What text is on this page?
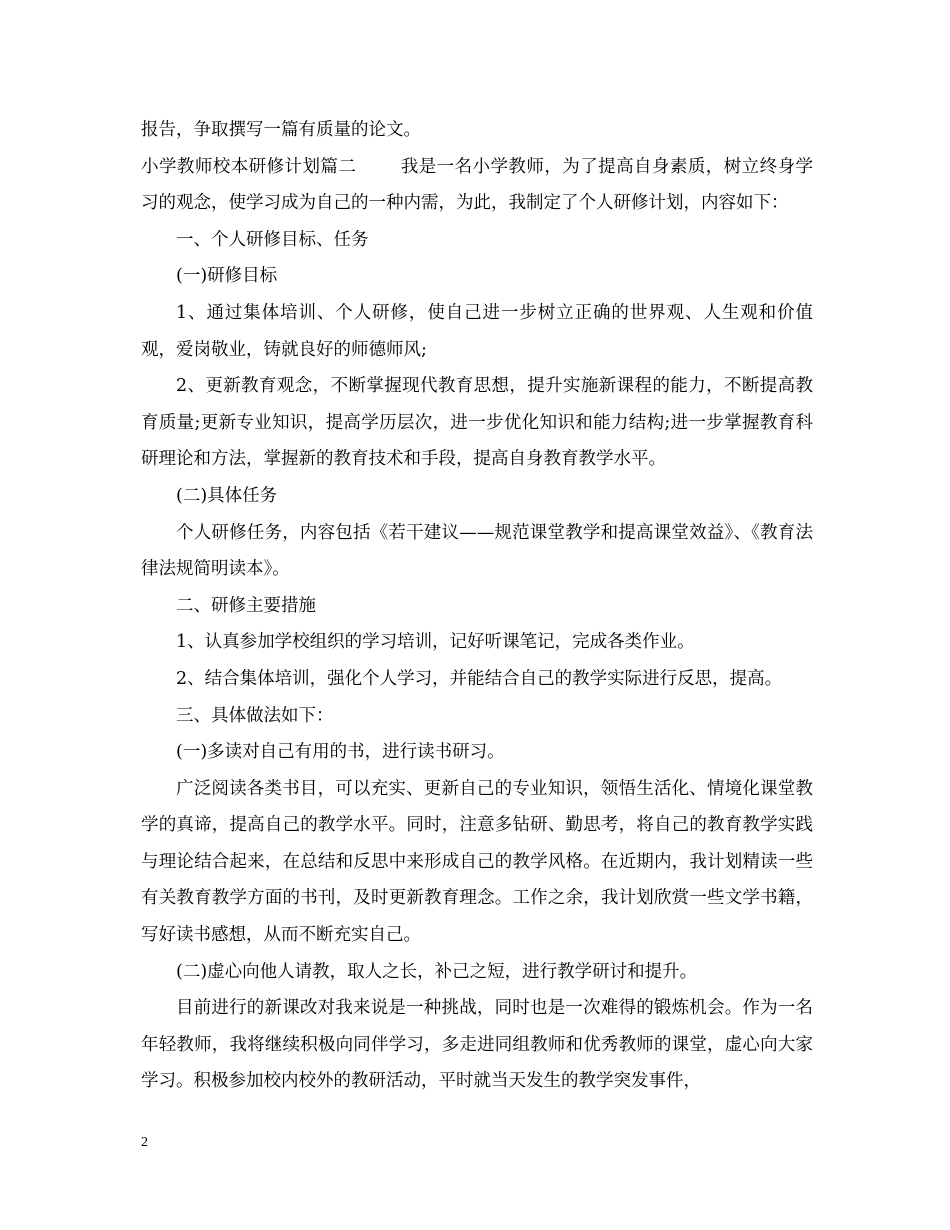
报告，争取撰写一篇有质量的论文。

小学教师校本研修计划篇二	我是一名小学教师，为了提高自身素质，树立终身学习的观念，使学习成为自己的一种内需，为此，我制定了个人研修计划，内容如下：

一、个人研修目标、任务

(一)研修目标

1、通过集体培训、个人研修，使自己进一步树立正确的世界观、人生观和价值观，爱岗敬业，铸就良好的师德师风;

2、更新教育观念，不断掌握现代教育思想，提升实施新课程的能力，不断提高教育质量;更新专业知识，提高学历层次，进一步优化知识和能力结构;进一步掌握教育科研理论和方法，掌握新的教育技术和手段，提高自身教育教学水平。

(二)具体任务

个人研修任务，内容包括《若干建议——规范课堂教学和提高课堂效益》、《教育法律法规简明读本》。

二、研修主要措施

1、认真参加学校组织的学习培训，记好听课笔记，完成各类作业。

2、结合集体培训，强化个人学习，并能结合自己的教学实际进行反思，提高。

三、具体做法如下：

(一)多读对自己有用的书，进行读书研习。

广泛阅读各类书目，可以充实、更新自己的专业知识，领悟生活化、情境化课堂教学的真谛，提高自己的教学水平。同时，注意多钻研、勤思考，将自己的教育教学实践与理论结合起来，在总结和反思中来形成自己的教学风格。在近期内，我计划精读一些有关教育教学方面的书刊，及时更新教育理念。工作之余，我计划欣赏一些文学书籍，写好读书感想，从而不断充实自己。

(二)虚心向他人请教，取人之长，补己之短，进行教学研讨和提升。

目前进行的新课改对我来说是一种挑战，同时也是一次难得的锻炼机会。作为一名年轻教师，我将继续积极向同伴学习，多走进同组教师和优秀教师的课堂，虚心向大家学习。积极参加校内校外的教研活动，平时就当天发生的教学突发事件，

2
